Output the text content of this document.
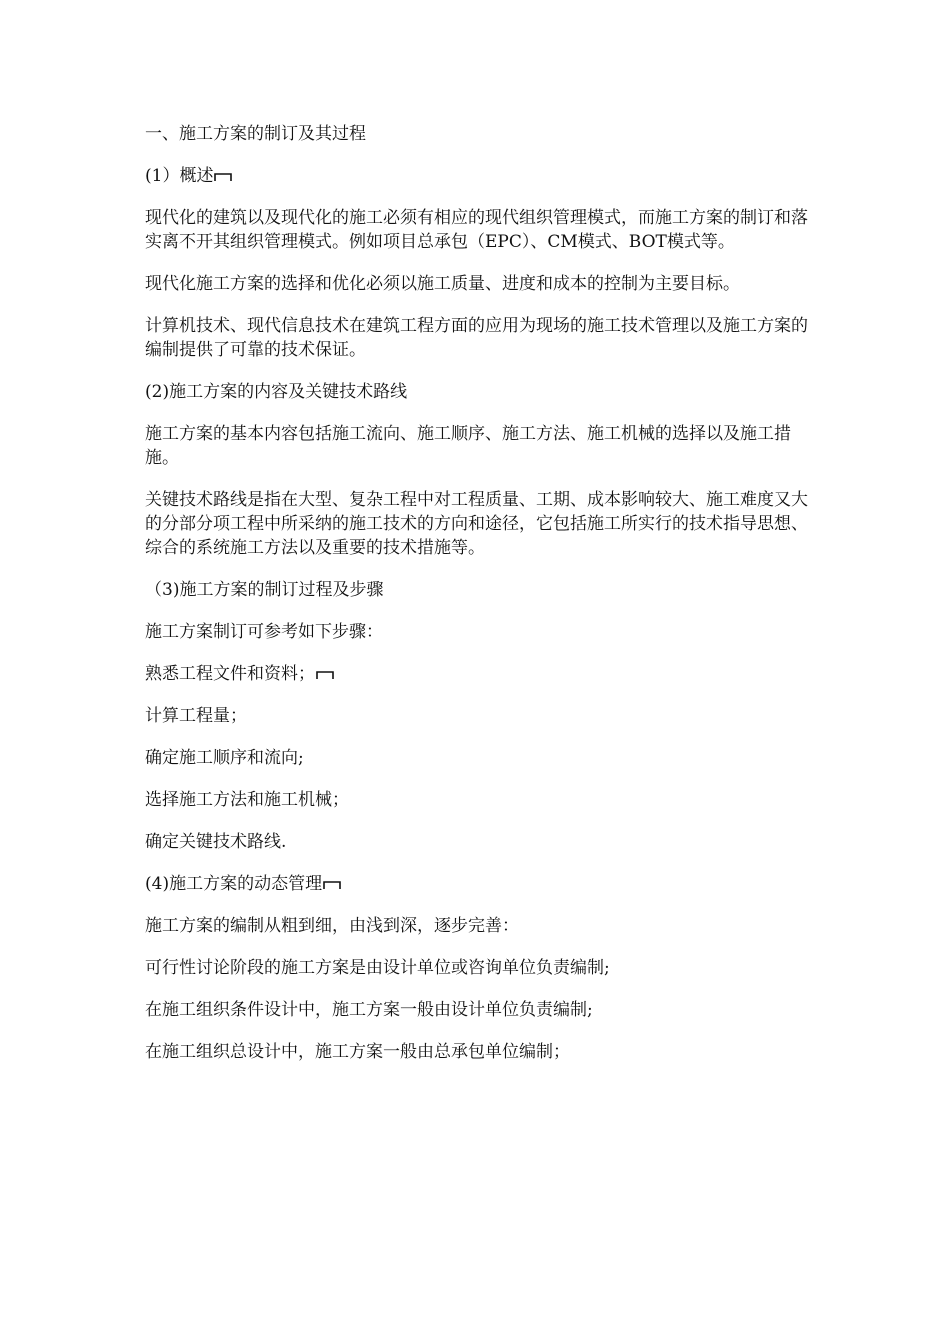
一、施工方案的制订及其过程

(1）概述

现代化的建筑以及现代化的施工必须有相应的现代组织管理模式，而施工方案的制订和落实离不开其组织管理模式。例如项目总承包（EPC）、CM模式、BOT模式等。

现代化施工方案的选择和优化必须以施工质量、进度和成本的控制为主要目标。

计算机技术、现代信息技术在建筑工程方面的应用为现场的施工技术管理以及施工方案的编制提供了可靠的技术保证。

(2)施工方案的内容及关键技术路线

施工方案的基本内容包括施工流向、施工顺序、施工方法、施工机械的选择以及施工措施。

关键技术路线是指在大型、复杂工程中对工程质量、工期、成本影响较大、施工难度又大的分部分项工程中所采纳的施工技术的方向和途径，它包括施工所实行的技术指导思想、综合的系统施工方法以及重要的技术措施等。

（3)施工方案的制订过程及步骤

施工方案制订可参考如下步骤：

熟悉工程文件和资料；

计算工程量；

确定施工顺序和流向;

选择施工方法和施工机械；

确定关键技术路线.

(4)施工方案的动态管理

施工方案的编制从粗到细，由浅到深，逐步完善：

可行性讨论阶段的施工方案是由设计单位或咨询单位负责编制;

在施工组织条件设计中，施工方案一般由设计单位负责编制;

在施工组织总设计中，施工方案一般由总承包单位编制；
